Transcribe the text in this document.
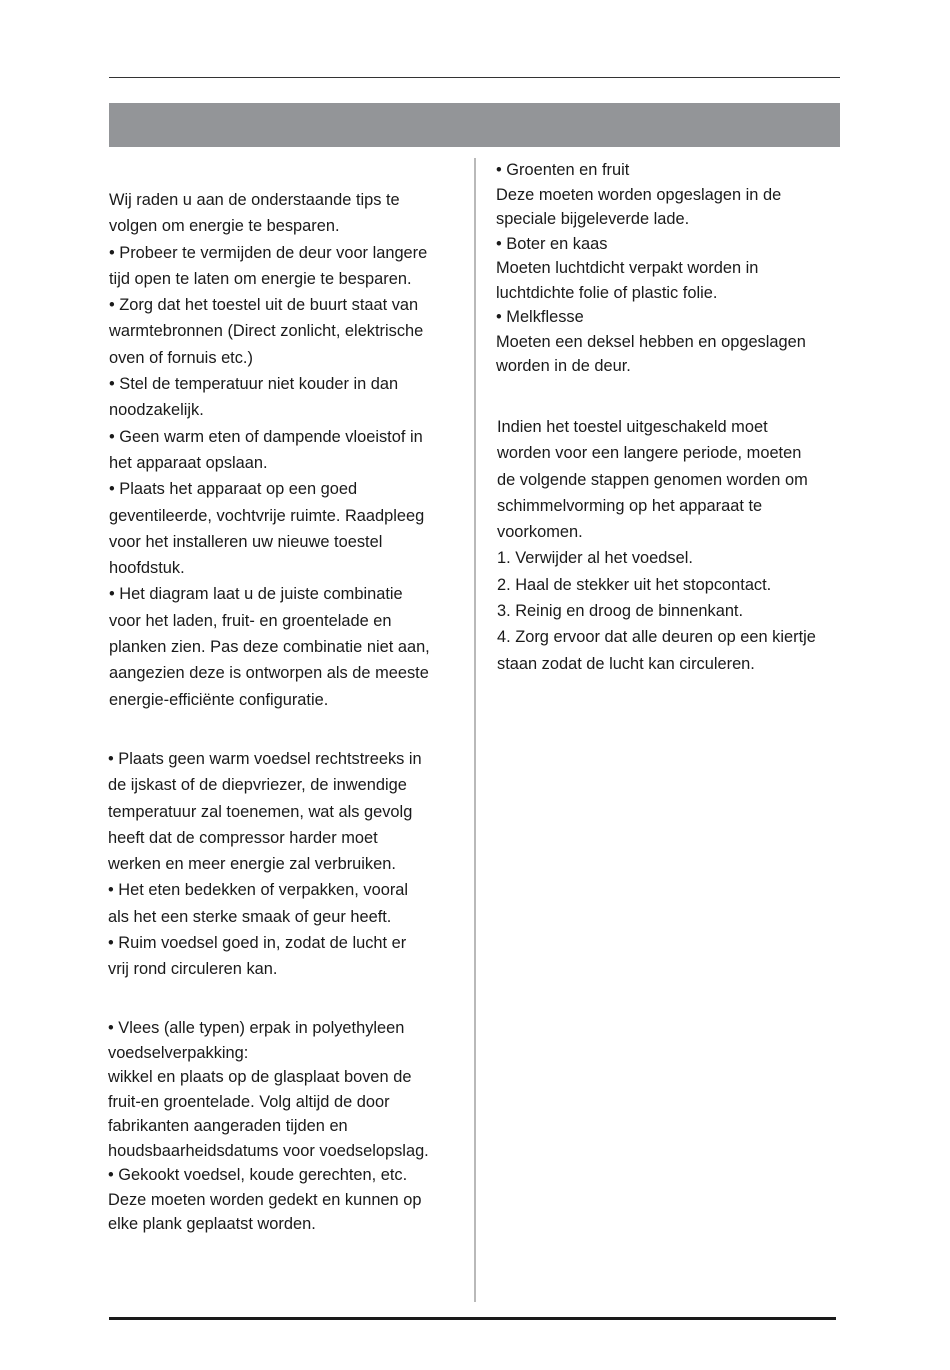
Wij raden u aan de onderstaande tips te

volgen om energie te besparen.

• Probeer te vermijden de deur voor langere

tijd open te laten om energie te besparen.

• Zorg dat het toestel uit de buurt staat van

warmtebronnen (Direct zonlicht, elektrische

oven of fornuis etc.)

• Stel de temperatuur niet kouder in dan

noodzakelijk.

• Geen warm eten of dampende vloeistof in

het apparaat opslaan.

• Plaats het apparaat op een goed

geventileerde, vochtvrije ruimte. Raadpleeg

voor het installeren uw nieuwe toestel

hoofdstuk.

• Het diagram laat u de juiste combinatie

voor het laden, fruit- en groentelade en

planken zien. Pas deze combinatie niet aan,

aangezien deze is ontworpen als de meeste

energie-efficiënte configuratie.

• Plaats geen warm voedsel rechtstreeks in

de ijskast of de diepvriezer, de inwendige

temperatuur zal toenemen, wat als gevolg

heeft dat de compressor harder moet

werken en meer energie zal verbruiken.

• Het eten bedekken of verpakken, vooral

als het een sterke smaak of geur heeft.

• Ruim voedsel goed in, zodat de lucht er

vrij rond circuleren kan.

• Vlees (alle typen) erpak in polyethyleen

voedselverpakking:

wikkel en plaats op de glasplaat boven de

fruit-en groentelade. Volg altijd de door

fabrikanten aangeraden tijden en

houdsbaarheidsdatums voor voedselopslag.

• Gekookt voedsel, koude gerechten, etc.

Deze moeten worden gedekt en kunnen op

elke plank geplaatst worden.

• Groenten en fruit

Deze moeten worden opgeslagen in de

speciale bijgeleverde lade.

• Boter en kaas

Moeten luchtdicht verpakt worden in

luchtdichte folie of plastic folie.

• Melkflesse

Moeten een deksel hebben en opgeslagen

worden in de deur.

Indien het toestel uitgeschakeld moet

worden voor een langere periode, moeten

de volgende stappen genomen worden om

schimmelvorming op het apparaat te

voorkomen.

1. Verwijder al het voedsel.

2. Haal de stekker uit het stopcontact.

3. Reinig en droog de binnenkant.

4. Zorg ervoor dat alle deuren op een kiertje

staan zodat de lucht kan circuleren.
